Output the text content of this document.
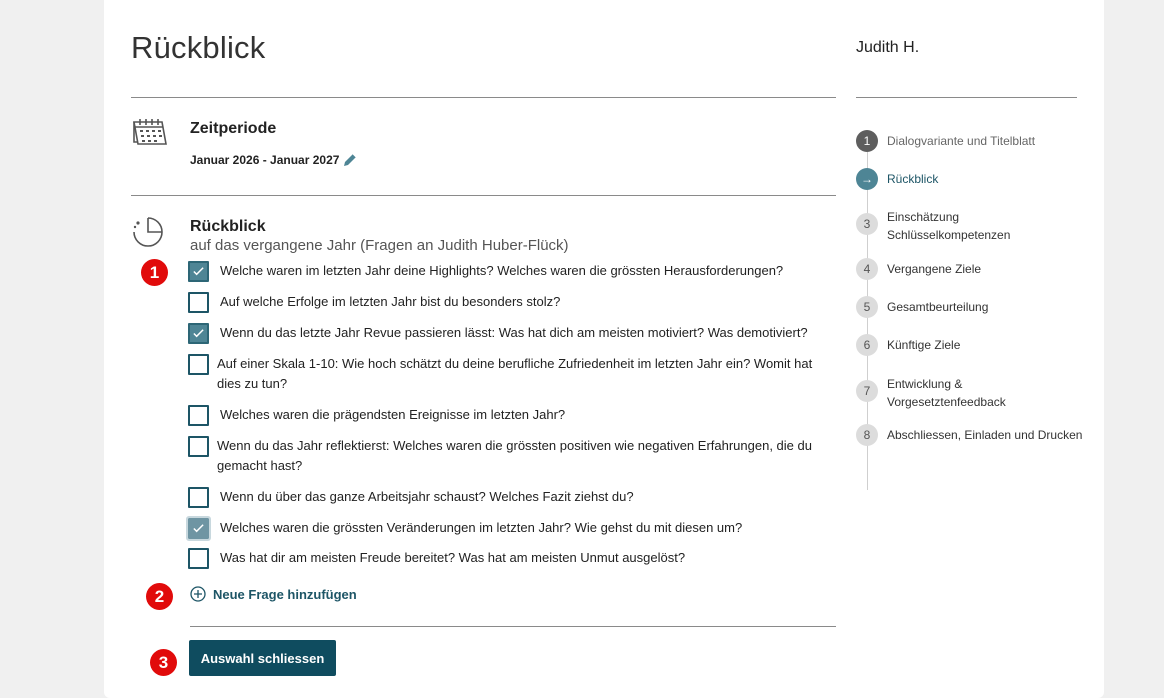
Rückblick	Judith H.
Zeitperiode
Januar 2026 - Januar 2027
Rückblick
auf das vergangene Jahr (Fragen an Judith Huber-Flück)
Welche waren im letzten Jahr deine Highlights? Welches waren die grössten Herausforderungen?
Auf welche Erfolge im letzten Jahr bist du besonders stolz?
Wenn du das letzte Jahr Revue passieren lässt: Was hat dich am meisten motiviert? Was demotiviert?
Auf einer Skala 1-10: Wie hoch schätzt du deine berufliche Zufriedenheit im letzten Jahr ein? Womit hat dies zu tun?
Welches waren die prägendsten Ereignisse im letzten Jahr?
Wenn du das Jahr reflektierst: Welches waren die grössten positiven wie negativen Erfahrungen, die du gemacht hast?
Wenn du über das ganze Arbeitsjahr schaust? Welches Fazit ziehst du?
Welches waren die grössten Veränderungen im letzten Jahr? Wie gehst du mit diesen um?
Was hat dir am meisten Freude bereitet? Was hat am meisten Unmut ausgelöst?
1
2
3
Neue Frage hinzufügen
Auswahl schliessen
1	Dialogvariante und Titelblatt
→	Rückblick
3	Einschätzung Schlüsselkompetenzen
4	Vergangene Ziele
5	Gesamtbeurteilung
6	Künftige Ziele
7	Entwicklung & Vorgesetztenfeedback
8	Abschliessen, Einladen und Drucken
